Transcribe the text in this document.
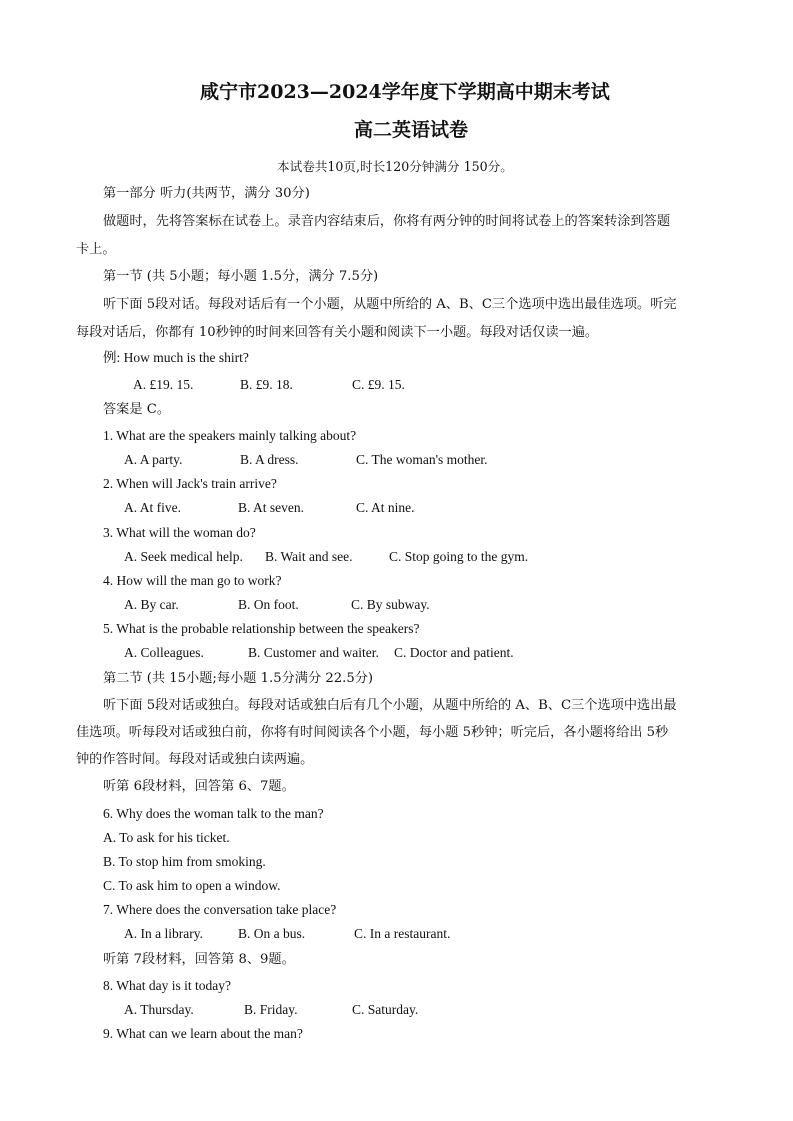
咸宁市2023—2024学年度下学期高中期末考试
高二英语试卷
本试卷共10页,时长120分钟满分 150分。
第一部分 听力(共两节，满分 30分)
做题时，先将答案标在试卷上。录音内容结束后，你将有两分钟的时间将试卷上的答案转涂到答题
卡上。
第一节 (共 5小题；每小题 1.5分，满分 7.5分)
听下面 5段对话。每段对话后有一个小题，从题中所给的 A、B、C三个选项中选出最佳选项。听完
每段对话后，你都有 10秒钟的时间来回答有关小题和阅读下一小题。每段对话仅读一遍。
例: How much is the shirt?
A. £19. 15.	B. £9. 18.	C. £9. 15.
答案是 C。
1. What are the speakers mainly talking about?
A. A party.	B. A dress.	C. The woman's mother.
2. When will Jack's train arrive?
A. At five.	B. At seven.	C. At nine.
3. What will the woman do?
A. Seek medical help. B. Wait and see.	C. Stop going to the gym.
4. How will the man go to work?
A. By car.	B. On foot.	C. By subway.
5. What is the probable relationship between the speakers?
A. Colleagues.	B. Customer and waiter. C. Doctor and patient.
第二节 (共 15小题;每小题 1.5分满分 22.5分)
听下面 5段对话或独白。每段对话或独白后有几个小题，从题中所给的 A、B、C三个选项中选出最
佳选项。听每段对话或独白前，你将有时间阅读各个小题，每小题 5秒钟；听完后，各小题将给出 5秒
钟的作答时间。每段对话或独白读两遍。
听第 6段材料，回答第 6、7题。
6. Why does the woman talk to the man?
A. To ask for his ticket.
B. To stop him from smoking.
C. To ask him to open a window.
7. Where does the conversation take place?
A. In a library.	B. On a bus.	C. In a restaurant.
听第 7段材料，回答第 8、9题。
8. What day is it today?
A. Thursday.	B. Friday.	C. Saturday.
9. What can we learn about the man?
